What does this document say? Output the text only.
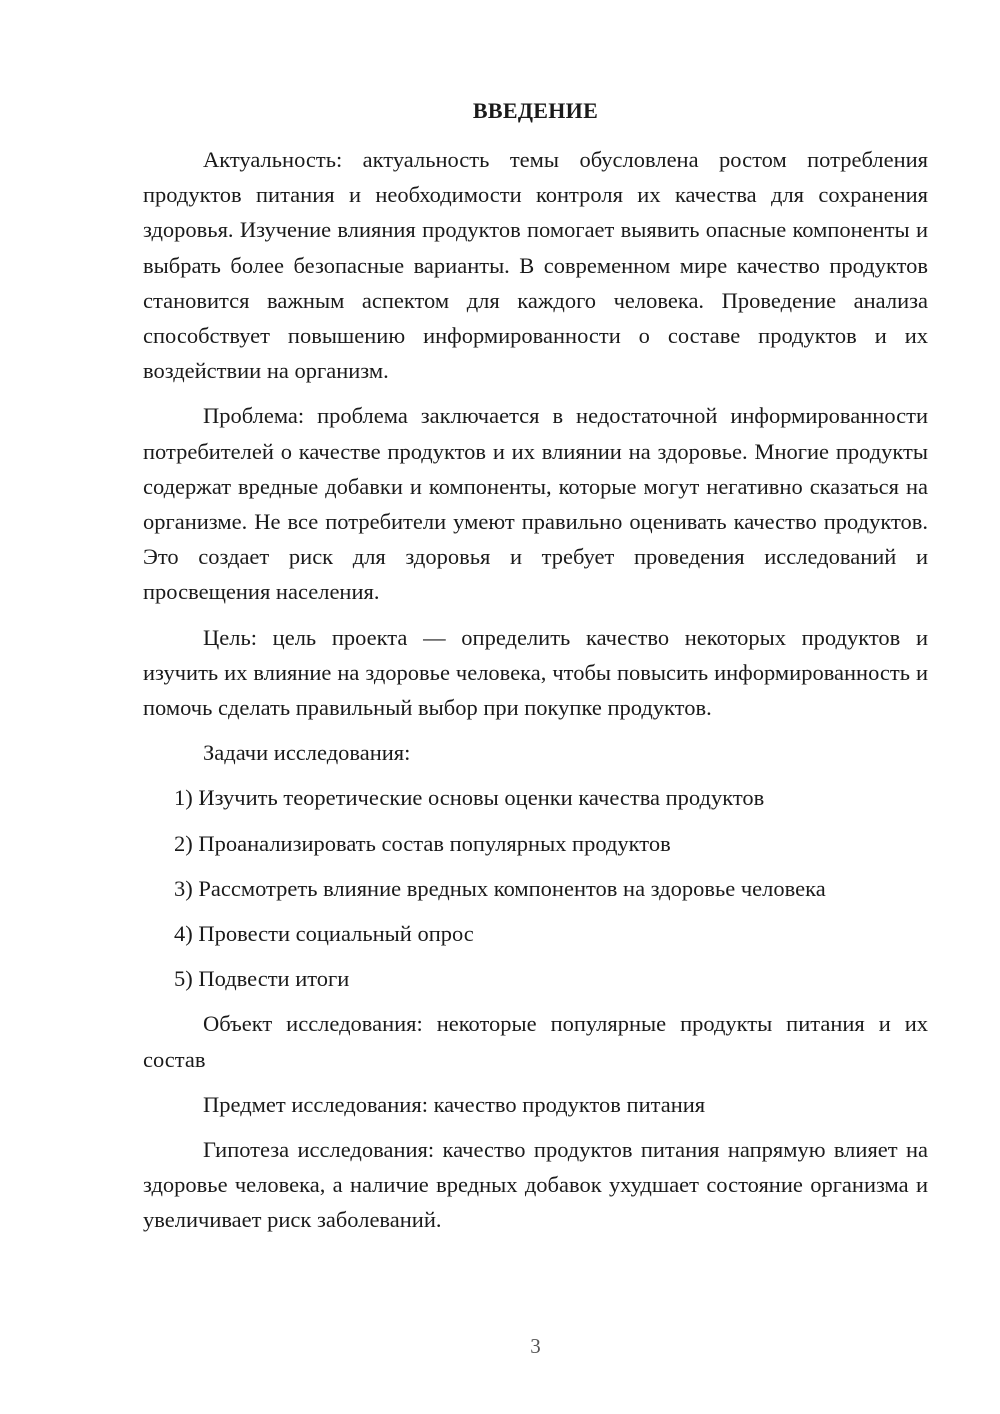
ВВЕДЕНИЕ

Актуальность: актуальность темы обусловлена ростом потребления продуктов питания и необходимости контроля их качества для сохранения здоровья. Изучение влияния продуктов помогает выявить опасные компоненты и выбрать более безопасные варианты. В современном мире качество продуктов становится важным аспектом для каждого человека. Проведение анализа способствует повышению информированности о составе продуктов и их воздействии на организм.

Проблема: проблема заключается в недостаточной информированности потребителей о качестве продуктов и их влиянии на здоровье. Многие продукты содержат вредные добавки и компоненты, которые могут негативно сказаться на организме. Не все потребители умеют правильно оценивать качество продуктов. Это создает риск для здоровья и требует проведения исследований и просвещения населения.

Цель: цель проекта — определить качество некоторых продуктов и изучить их влияние на здоровье человека, чтобы повысить информированность и помочь сделать правильный выбор при покупке продуктов.

Задачи исследования:

1) Изучить теоретические основы оценки качества продуктов

2) Проанализировать состав популярных продуктов

3) Рассмотреть влияние вредных компонентов на здоровье человека

4) Провести социальный опрос

5) Подвести итоги

Объект исследования: некоторые популярные продукты питания и их состав

Предмет исследования: качество продуктов питания

Гипотеза исследования: качество продуктов питания напрямую влияет на здоровье человека, а наличие вредных добавок ухудшает состояние организма и увеличивает риск заболеваний.

3
